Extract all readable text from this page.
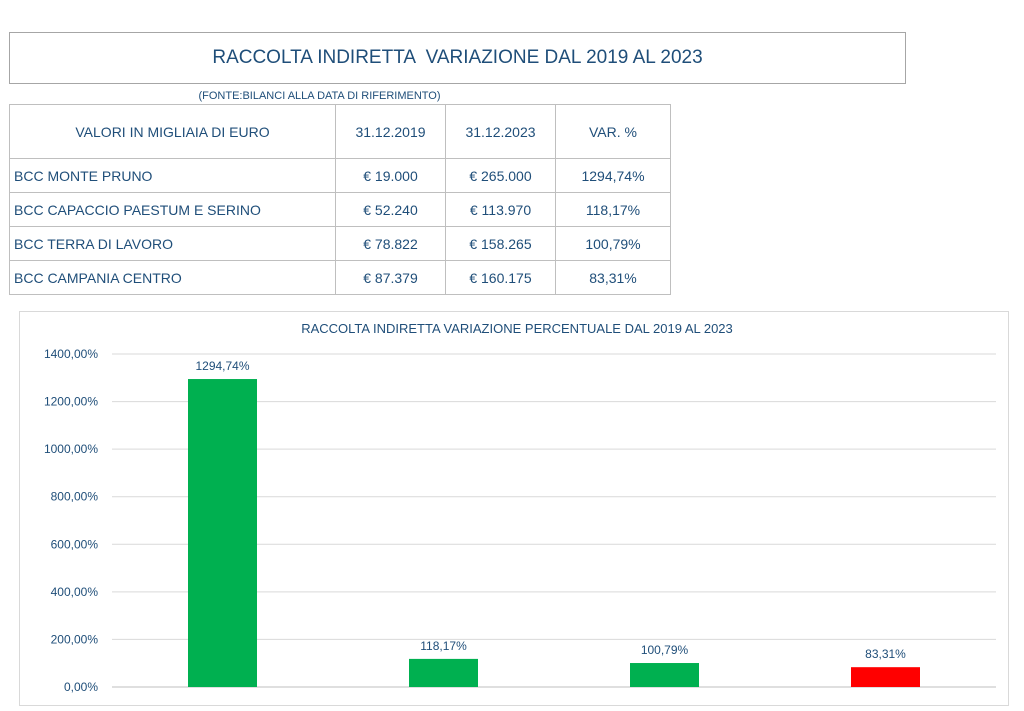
RACCOLTA INDIRETTA  VARIAZIONE DAL 2019 AL 2023
(FONTE:BILANCI ALLA DATA DI RIFERIMENTO)
VALORI IN MIGLIAIA DI EURO	31.12.2019	31.12.2023	VAR. %
BCC MONTE PRUNO	€ 19.000	€ 265.000	1294,74%
BCC CAPACCIO PAESTUM E SERINO	€ 52.240	€ 113.970	118,17%
BCC TERRA DI LAVORO	€ 78.822	€ 158.265	100,79%
BCC CAMPANIA CENTRO	€ 87.379	€ 160.175	83,31%
RACCOLTA INDIRETTA VARIAZIONE PERCENTUALE DAL 2019 AL 2023
0,00%
200,00%
400,00%
600,00%
800,00%
1000,00%
1200,00%
1400,00%
1294,74%
118,17%	100,79%	83,31%
